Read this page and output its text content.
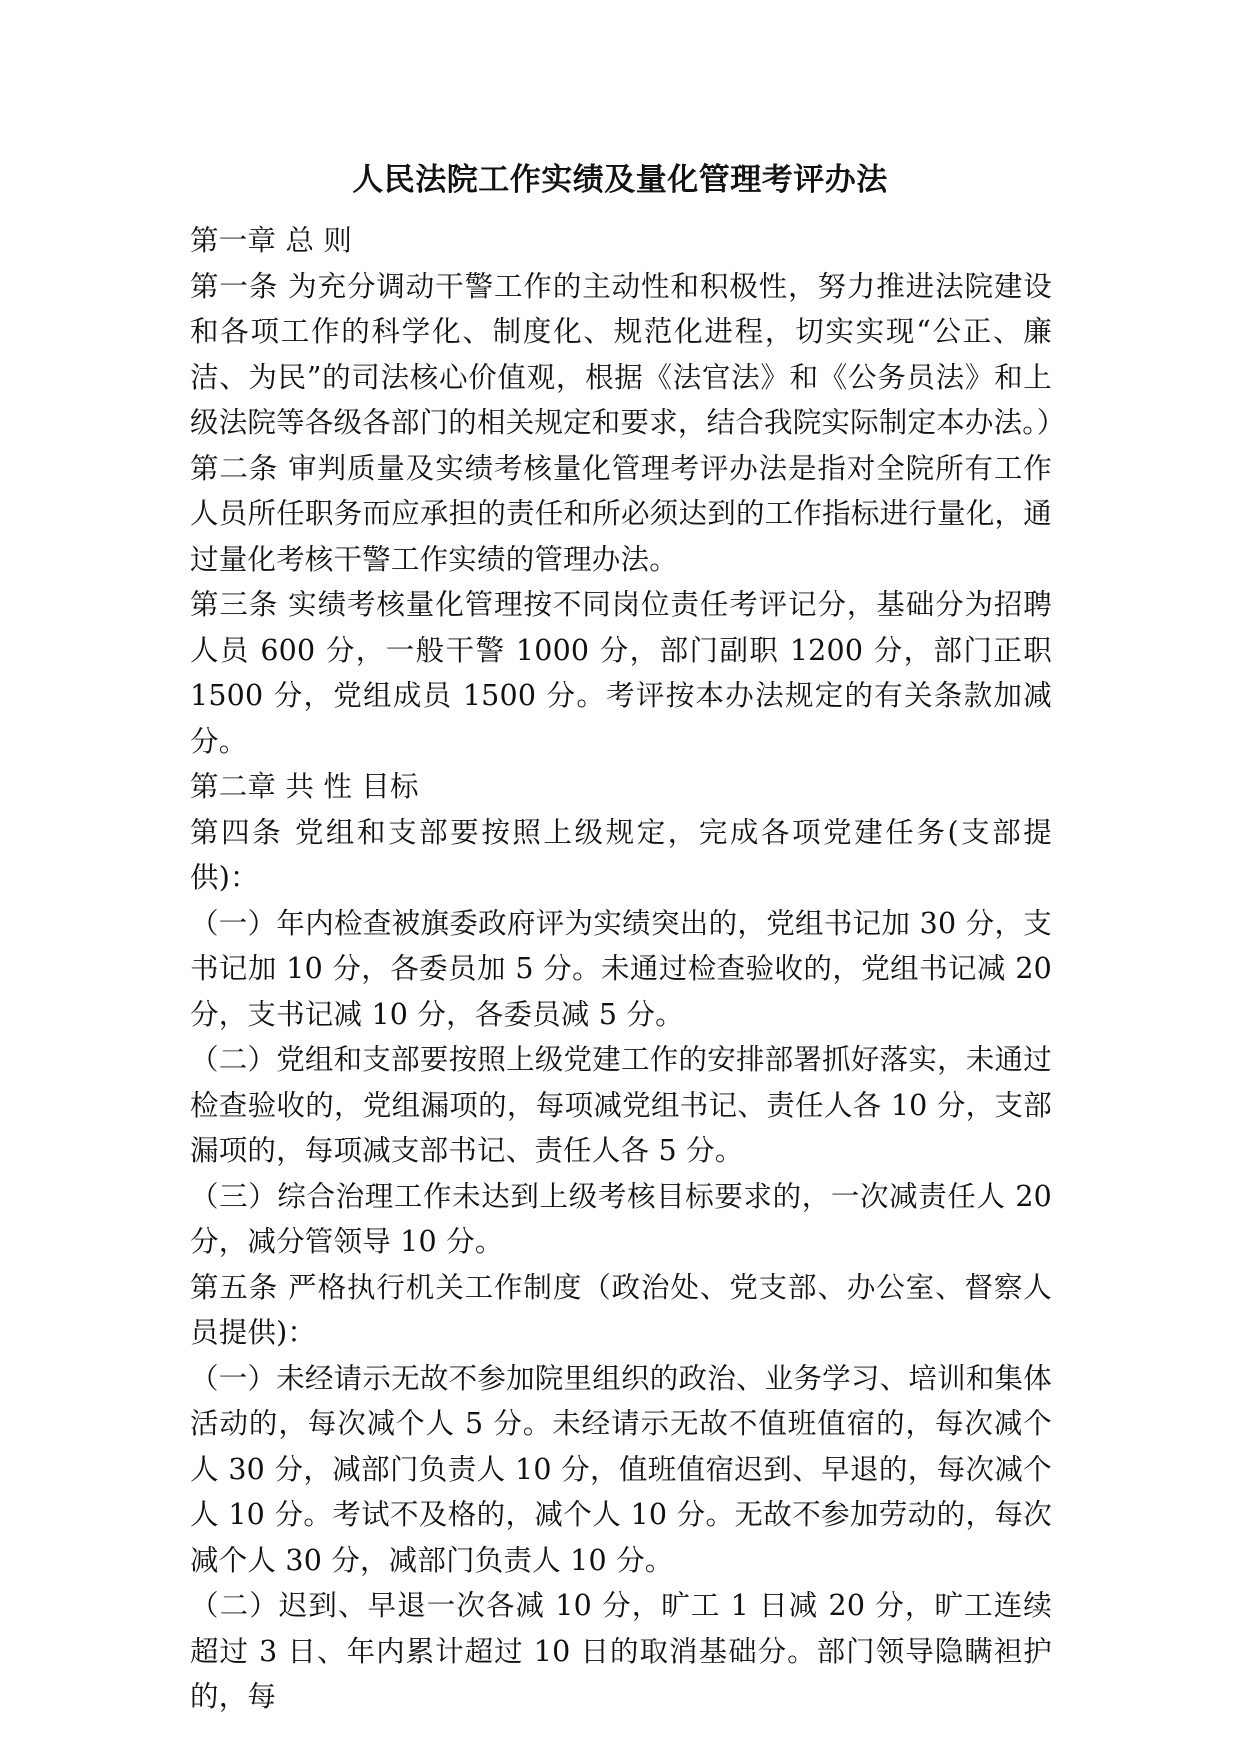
人民法院工作实绩及量化管理考评办法

第一章 总 则

第一条 为充分调动干警工作的主动性和积极性，努力推进法院建设和各项工作的科学化、制度化、规范化进程，切实实现“公正、廉洁、为民”的司法核心价值观，根据《法官法》和《公务员法》和上级法院等各级各部门的相关规定和要求，结合我院实际制定本办法。）

第二条 审判质量及实绩考核量化管理考评办法是指对全院所有工作人员所任职务而应承担的责任和所必须达到的工作指标进行量化，通过量化考核干警工作实绩的管理办法。

第三条 实绩考核量化管理按不同岗位责任考评记分，基础分为招聘人员 600 分，一般干警 1000 分，部门副职 1200 分，部门正职 1500 分，党组成员 1500 分。考评按本办法规定的有关条款加减分。

第二章 共 性 目标

第四条 党组和支部要按照上级规定，完成各项党建任务(支部提供)：

（一）年内检查被旗委政府评为实绩突出的，党组书记加 30 分，支书记加 10 分，各委员加 5 分。未通过检查验收的，党组书记减 20 分，支书记减 10 分，各委员减 5 分。

（二）党组和支部要按照上级党建工作的安排部署抓好落实，未通过检查验收的，党组漏项的，每项减党组书记、责任人各 10 分，支部漏项的，每项减支部书记、责任人各 5 分。

（三）综合治理工作未达到上级考核目标要求的，一次减责任人 20 分，减分管领导 10 分。

第五条 严格执行机关工作制度（政治处、党支部、办公室、督察人员提供)：

（一）未经请示无故不参加院里组织的政治、业务学习、培训和集体活动的，每次减个人 5 分。未经请示无故不值班值宿的，每次减个人 30 分，减部门负责人 10 分，值班值宿迟到、早退的，每次减个人 10 分。考试不及格的，减个人 10 分。无故不参加劳动的，每次减个人 30 分，减部门负责人 10 分。

（二）迟到、早退一次各减 10 分，旷工 1 日减 20 分，旷工连续超过 3 日、年内累计超过 10 日的取消基础分。部门领导隐瞒袒护的，每
